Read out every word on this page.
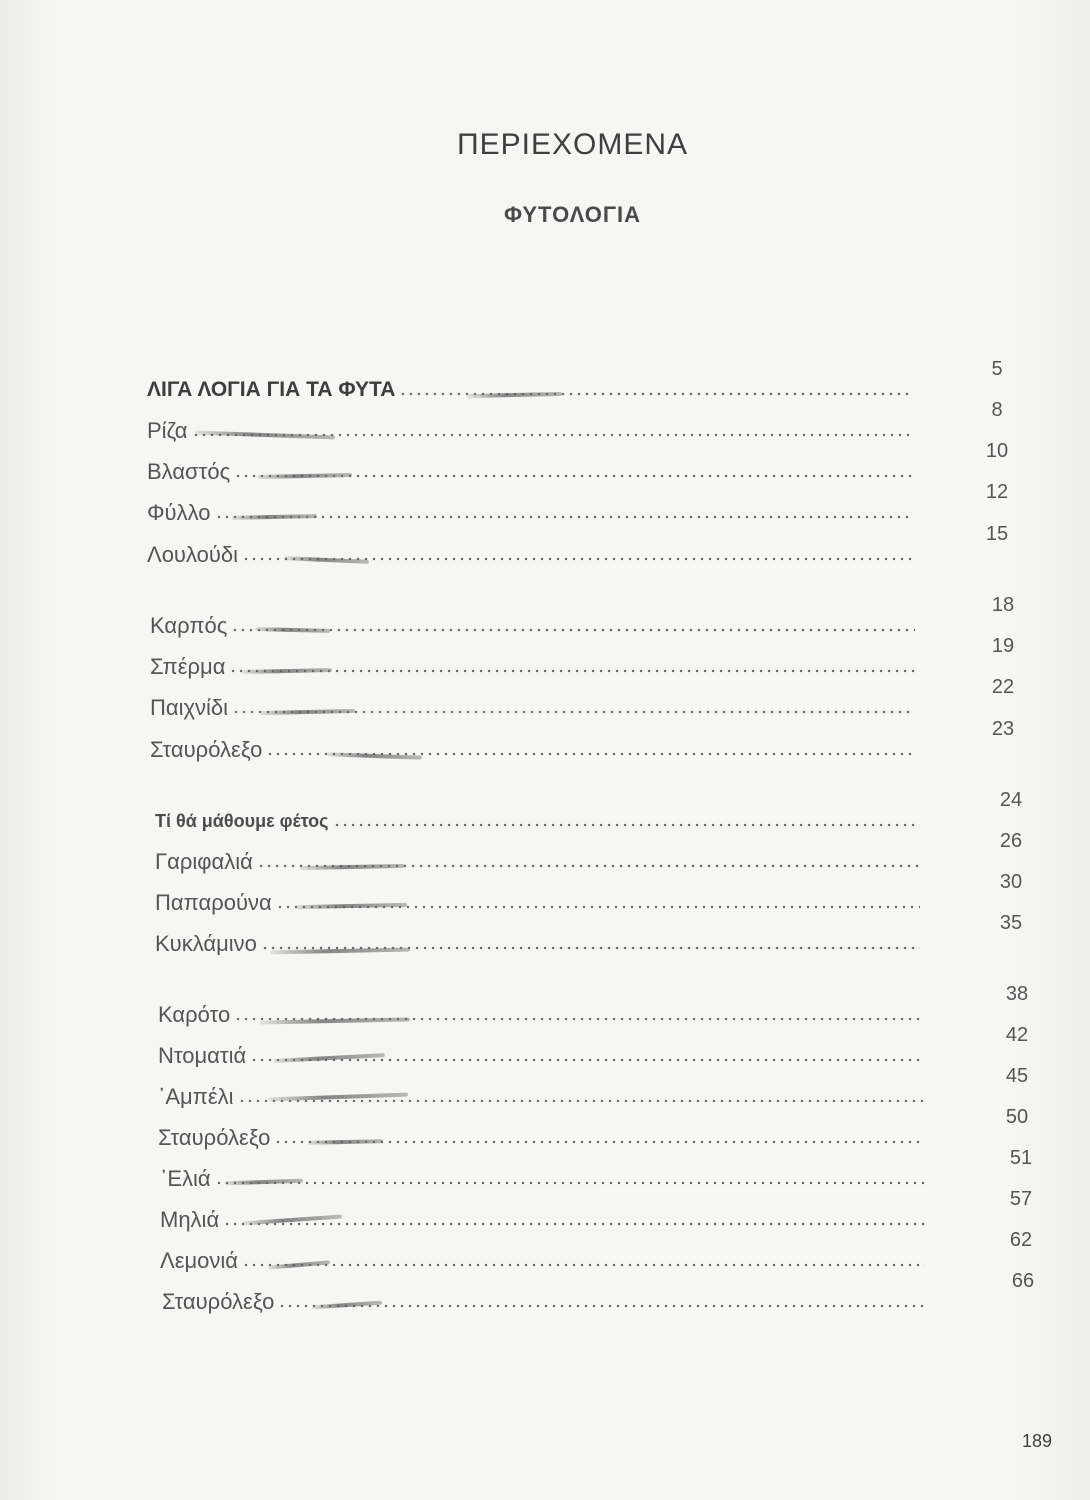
ΠΕΡΙΕΧΟΜΕΝΑ
ΦΥΤΟΛΟΓΙΑ
ΛΙΓΑ ΛΟΓΙΑ ΓΙΑ ΤΑ ΦΥΤΑ
5
Ρίζα
8
Βλαστός
10
Φύλλο
12
Λουλούδι
15
Καρπός
18
Σπέρμα
19
Παιχνίδι
22
Σταυρόλεξο
23
Τί θά μάθουμε φέτος
24
Γαριφαλιά
26
Παπαρούνα
30
Κυκλάμινο
35
Καρότο
38
Ντοματιά
42
᾿Αμπέλι
45
Σταυρόλεξο
50
᾿Ελιά
51
Μηλιά
57
Λεμονιά
62
Σταυρόλεξο
66
189
